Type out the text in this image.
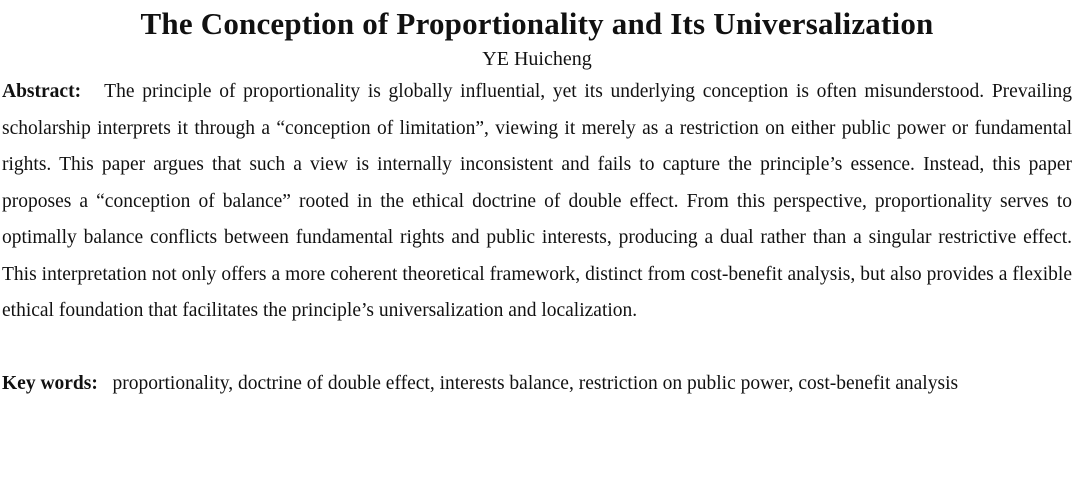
The Conception of Proportionality and Its Universalization
YE Huicheng

Abstract: The principle of proportionality is globally influential, yet its underlying conception is often misunderstood. Prevailing scholarship interprets it through a “conception of limitation”, viewing it merely as a restriction on either public power or fundamental rights. This paper argues that such a view is internally inconsistent and fails to capture the principle’s essence. Instead, this paper proposes a “conception of balance” rooted in the ethical doctrine of double effect. From this perspective, proportionality serves to optimally balance conflicts between fundamental rights and public interests, producing a dual rather than a singular restrictive effect. This interpretation not only offers a more coherent theoretical framework, distinct from cost-benefit analysis, but also provides a flexible ethical foundation that facilitates the principle’s universalization and localization.

Key words: proportionality, doctrine of double effect, interests balance, restriction on public power, cost-benefit analysis
